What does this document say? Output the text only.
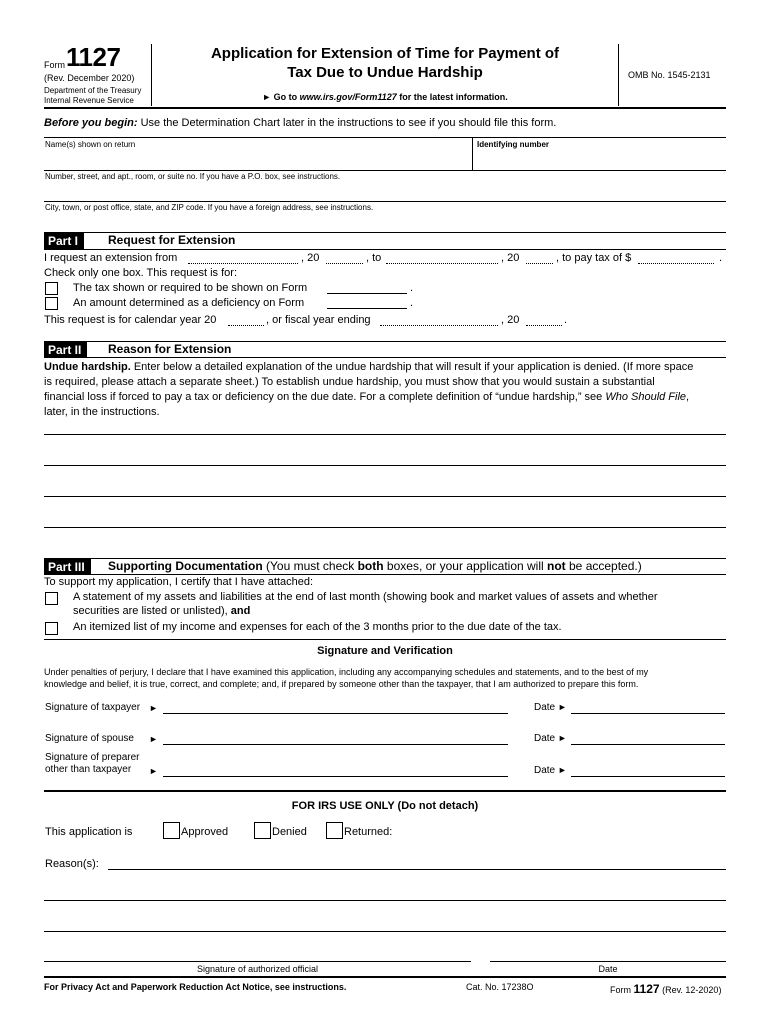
Form 1127
(Rev. December 2020)
Department of the Treasury
Internal Revenue Service
Application for Extension of Time for Payment of
Tax Due to Undue Hardship
► Go to www.irs.gov/Form1127 for the latest information.
OMB No. 1545-2131
Before you begin: Use the Determination Chart later in the instructions to see if you should file this form.
Name(s) shown on return	Identifying number
Number, street, and apt., room, or suite no. If you have a P.O. box, see instructions.
City, town, or post office, state, and ZIP code. If you have a foreign address, see instructions.
Part I	Request for Extension
I request an extension from	, 20	, to	, 20	, to pay tax of $	.
Check only one box. This request is for:
The tax shown or required to be shown on Form	.
An amount determined as a deficiency on Form	.
This request is for calendar year 20	, or fiscal year ending	, 20	.
Part II	Reason for Extension
Undue hardship. Enter below a detailed explanation of the undue hardship that will result if your application is denied. (If more space
is required, please attach a separate sheet.) To establish undue hardship, you must show that you would sustain a substantial
financial loss if forced to pay a tax or deficiency on the due date. For a complete definition of “undue hardship,” see Who Should File,
later, in the instructions.
Part III	Supporting Documentation (You must check both boxes, or your application will not be accepted.)
To support my application, I certify that I have attached:
A statement of my assets and liabilities at the end of last month (showing book and market values of assets and whether
securities are listed or unlisted), and
An itemized list of my income and expenses for each of the 3 months prior to the due date of the tax.
Signature and Verification
Under penalties of perjury, I declare that I have examined this application, including any accompanying schedules and statements, and to the best of my
knowledge and belief, it is true, correct, and complete; and, if prepared by someone other than the taxpayer, that I am authorized to prepare this form.
Signature of taxpayer ►	Date ►
Signature of spouse ►	Date ►
Signature of preparer
other than taxpayer	►	Date ►
FOR IRS USE ONLY (Do not detach)
This application is	Approved	Denied	Returned:
Reason(s):
Signature of authorized official	Date
For Privacy Act and Paperwork Reduction Act Notice, see instructions.	Cat. No. 17238O	Form 1127 (Rev. 12-2020)
